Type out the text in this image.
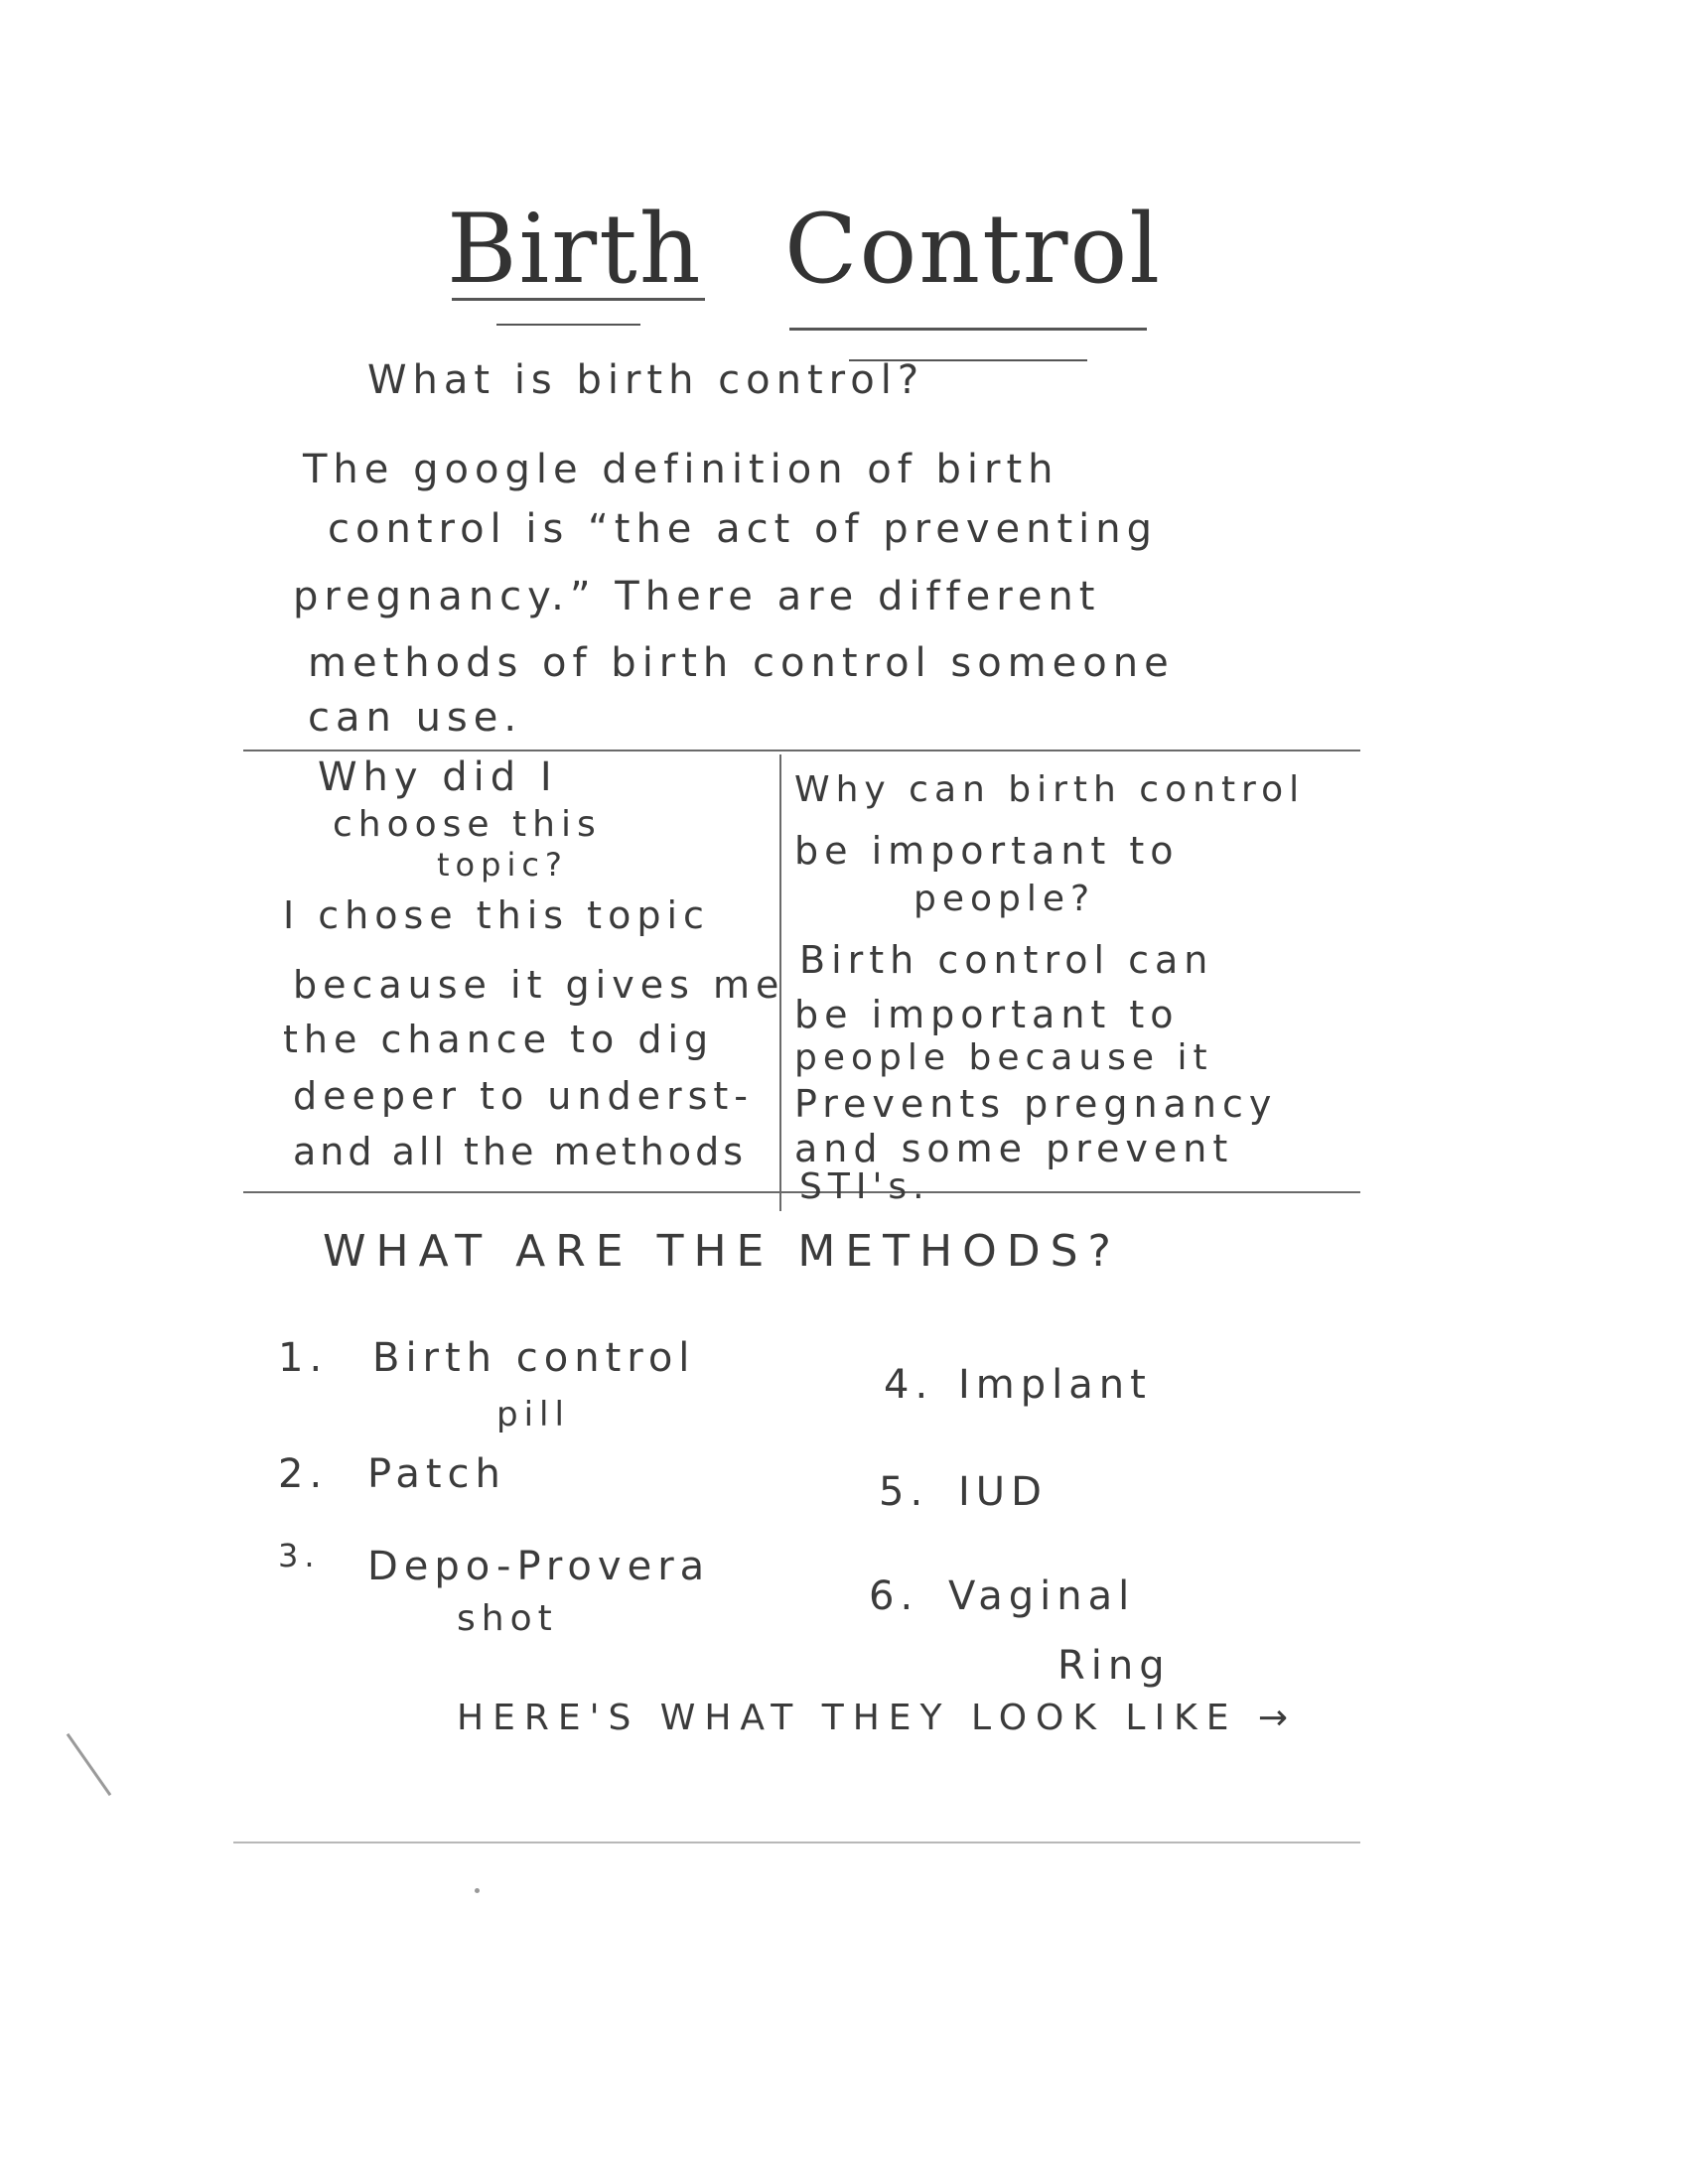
Birth Control
What is birth control?
The google definition of birth
control is “the act of preventing
pregnancy.” There are different
methods of birth control someone
can use.
Why did I
choose this
topic?
I chose this topic
because it gives me
the chance to dig
deeper to underst-
and all the methods
Why can birth control
be important to
people?
Birth control can
be important to
people because it
Prevents pregnancy
and some prevent
STI's.
WHAT ARE THE METHODS?
1. Birth control
pill
2. Patch
3. Depo-Provera
shot
4. Implant
5. IUD
6. Vaginal
Ring
HERE'S WHAT THEY LOOK LIKE →
